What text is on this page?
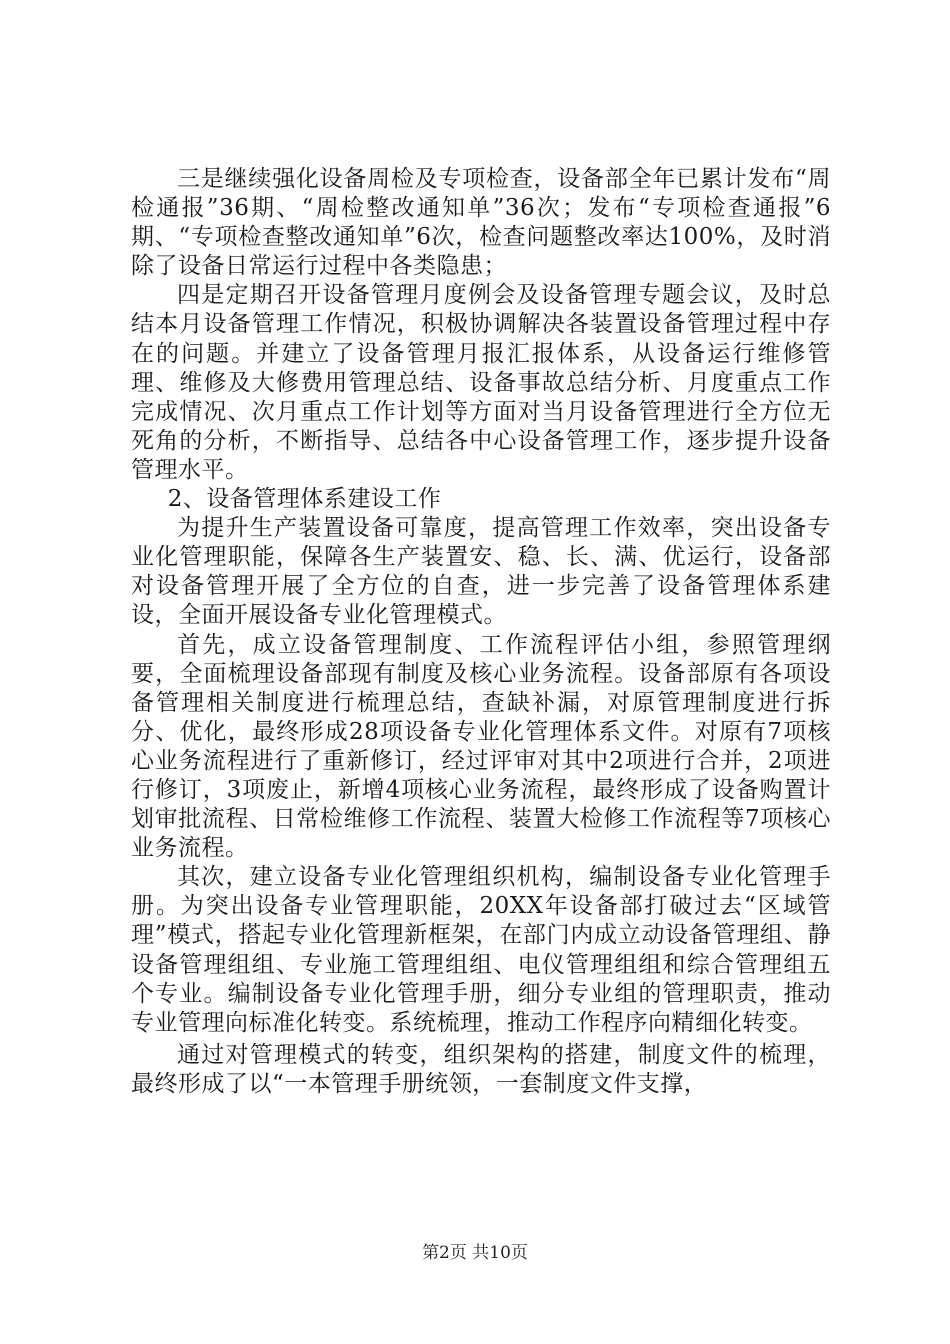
三是继续强化设备周检及专项检查，设备部全年已累计发布“周检通报”36期、“周检整改通知单”36次；发布“专项检查通报”6期、“专项检查整改通知单”6次，检查问题整改率达100%，及时消除了设备日常运行过程中各类隐患；

四是定期召开设备管理月度例会及设备管理专题会议，及时总结本月设备管理工作情况，积极协调解决各装置设备管理过程中存在的问题。并建立了设备管理月报汇报体系，从设备运行维修管理、维修及大修费用管理总结、设备事故总结分析、月度重点工作完成情况、次月重点工作计划等方面对当月设备管理进行全方位无死角的分析，不断指导、总结各中心设备管理工作，逐步提升设备管理水平。

2、设备管理体系建设工作

为提升生产装置设备可靠度，提高管理工作效率，突出设备专业化管理职能，保障各生产装置安、稳、长、满、优运行，设备部对设备管理开展了全方位的自查，进一步完善了设备管理体系建设，全面开展设备专业化管理模式。

首先，成立设备管理制度、工作流程评估小组，参照管理纲要，全面梳理设备部现有制度及核心业务流程。设备部原有各项设备管理相关制度进行梳理总结，查缺补漏，对原管理制度进行拆分、优化，最终形成28项设备专业化管理体系文件。对原有7项核心业务流程进行了重新修订，经过评审对其中2项进行合并，2项进行修订，3项废止，新增4项核心业务流程，最终形成了设备购置计划审批流程、日常检维修工作流程、装置大检修工作流程等7项核心业务流程。

其次，建立设备专业化管理组织机构，编制设备专业化管理手册。为突出设备专业管理职能，20XX年设备部打破过去“区域管理”模式，搭起专业化管理新框架，在部门内成立动设备管理组、静设备管理组组、专业施工管理组组、电仪管理组组和综合管理组五个专业。编制设备专业化管理手册，细分专业组的管理职责，推动专业管理向标准化转变。系统梳理，推动工作程序向精细化转变。

通过对管理模式的转变，组织架构的搭建，制度文件的梳理，最终形成了以“一本管理手册统领，一套制度文件支撑，

第2页 共10页
